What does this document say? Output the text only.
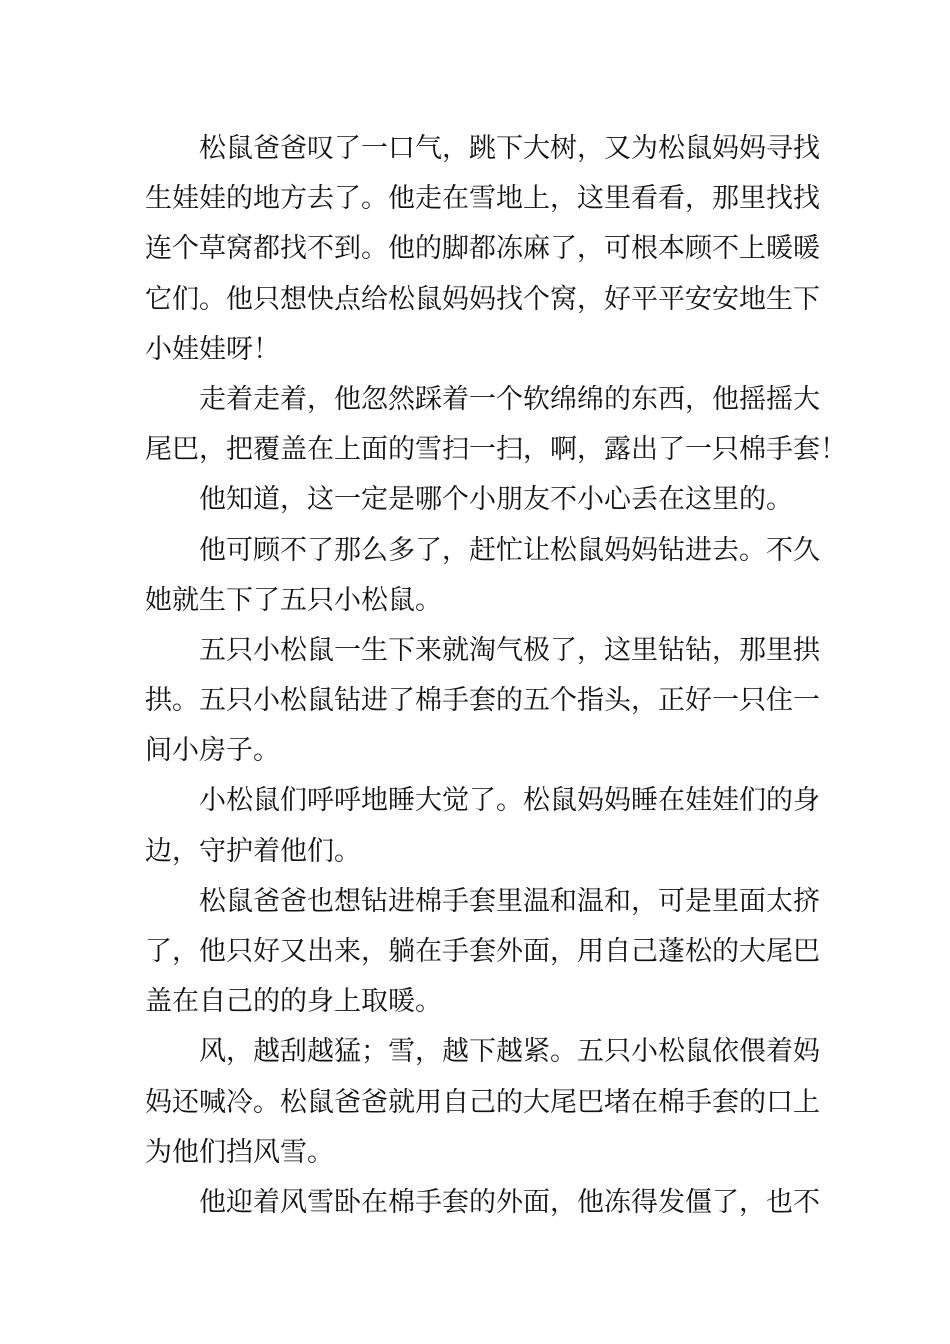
松鼠爸爸叹了一口气，跳下大树，又为松鼠妈妈寻找
生娃娃的地方去了。他走在雪地上，这里看看，那里找找
连个草窝都找不到。他的脚都冻麻了，可根本顾不上暖暖
它们。他只想快点给松鼠妈妈找个窝，好平平安安地生下
小娃娃呀！
走着走着，他忽然踩着一个软绵绵的东西，他摇摇大
尾巴，把覆盖在上面的雪扫一扫，啊，露出了一只棉手套！
他知道，这一定是哪个小朋友不小心丢在这里的。
他可顾不了那么多了，赶忙让松鼠妈妈钻进去。不久
她就生下了五只小松鼠。
五只小松鼠一生下来就淘气极了，这里钻钻，那里拱
拱。五只小松鼠钻进了棉手套的五个指头，正好一只住一
间小房子。
小松鼠们呼呼地睡大觉了。松鼠妈妈睡在娃娃们的身
边，守护着他们。
松鼠爸爸也想钻进棉手套里温和温和，可是里面太挤
了，他只好又出来，躺在手套外面，用自己蓬松的大尾巴
盖在自己的的身上取暖。
风，越刮越猛；雪，越下越紧。五只小松鼠依偎着妈
妈还喊冷。松鼠爸爸就用自己的大尾巴堵在棉手套的口上
为他们挡风雪。
他迎着风雪卧在棉手套的外面，他冻得发僵了，也不
